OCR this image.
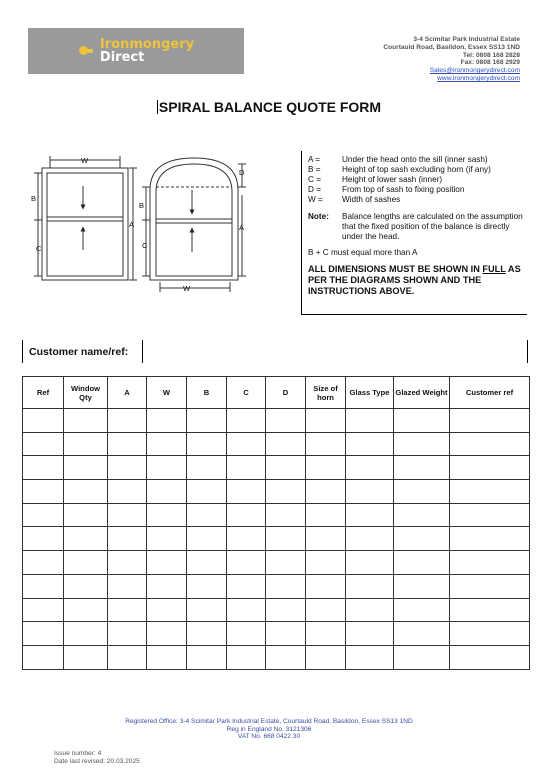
Ironmongery
Direct
3-4 Scimitar Park Industrial Estate
Courtauld Road, Basildon, Essex SS13 1ND
Tel: 0808 168 2828
Fax: 0808 168 2929
Sales@ironmongerydirect.com
www.ironmongerydirect.com
SPIRAL BALANCE QUOTE FORM
W
B
C
A
D
A
B
C
W
A =	Under the head onto the sill (inner sash)
B =	Height of top sash excluding horn (if any)
C =	Height of lower sash (inner)
D =	From top of sash to fixing position
W =	Width of sashes
Note:	Balance lengths are calculated on the assumption that the fixed position of the balance is directly under the head.
B + C must equal more than A
ALL DIMENSIONS MUST BE SHOWN IN FULL AS PER THE DIAGRAMS SHOWN AND THE INSTRUCTIONS ABOVE.
Customer name/ref:
Ref	Window Qty	A	W	B	C	D	Size of horn	Glass Type	Glazed Weight	Customer ref

Registered Office: 3-4 Scimitar Park Industrial Estate, Courtauld Road, Basildon, Essex SS13 1ND
Reg in England No. 3121306
VAT No. 668 0422 30
Issue number: 4
Date last revised: 20.03.2025
